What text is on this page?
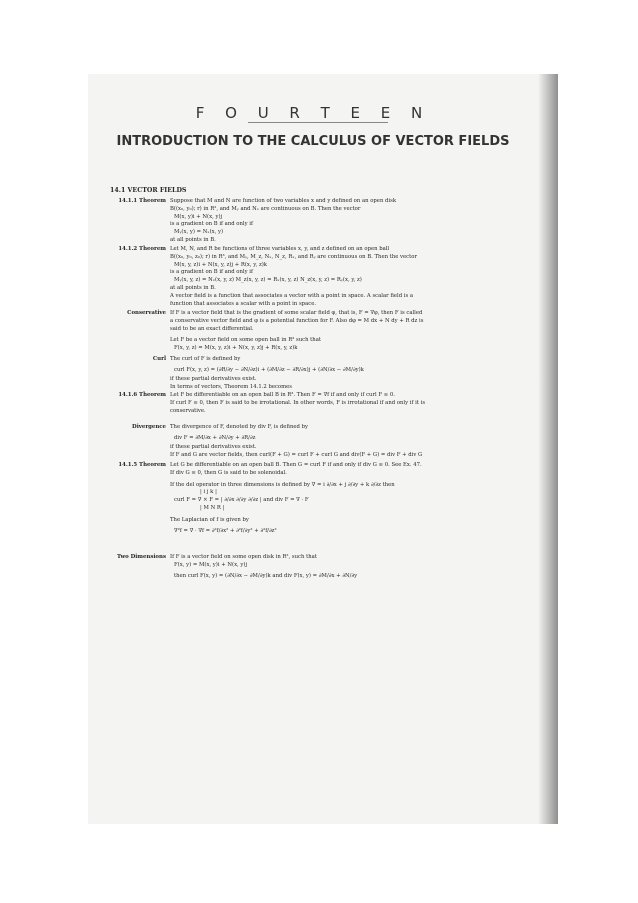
F O U R T E E N
INTRODUCTION TO THE CALCULUS OF VECTOR FIELDS
14.1 VECTOR FIELDS
14.1.1 Theorem Suppose that M and N are function of two variables x and y defined on an open disk
B((x₀, y₀); r) in R², and Mᵧ and Nₓ are continuous on B. Then the vector
M(x, y)i + N(x, y)j
is a gradient on B if and only if
Mᵧ(x, y) = Nₓ(x, y)
at all points in B.
14.1.2 Theorem Let M, N, and R be functions of three variables x, y, and z defined on an open ball
B((x₀, y₀, z₀); r) in R³, and Mᵧ, M_z, Nₓ, N_z, Rₓ, and Rᵧ are continuous on B. Then the vector
M(x, y, z)i + N(x, y, z)j + R(x, y, z)k
is a gradient on B if and only if
Mᵧ(x, y, z) = Nₓ(x, y, z) M_z(x, y, z) = Rₓ(x, y, z) N_z(x, y, z) = Rᵧ(x, y, z)
at all points in B.
A vector field is a function that associates a vector with a point in space. A scalar field is a
function that associates a scalar with a point in space.
Conservative If F is a vector field that is the gradient of some scalar field φ, that is, F = ∇φ, then F is called
a conservative vector field and φ is a potential function for F. Also dφ = M dx + N dy + R dz is
said to be an exact differential.
Let F be a vector field on some open ball in R³ such that
F(x, y, z) = M(x, y, z)i + N(x, y, z)j + R(x, y, z)k
Curl The curl of F is defined by
curl F(x, y, z) = (∂R/∂y − ∂N/∂z)i + (∂M/∂z − ∂R/∂x)j + (∂N/∂x − ∂M/∂y)k
if these partial derivatives exist.
In terms of vectors, Theorem 14.1.2 becomes
14.1.6 Theorem Let F be differentiable on an open ball B in R³. Then F = ∇f if and only if curl F ≡ 0.
If curl F ≡ 0, then F is said to be irrotational. In other words, F is irrotational if and only if it is
conservative.
Divergence The divergence of F, denoted by div F, is defined by
div F = ∂M/∂x + ∂N/∂y + ∂R/∂z
if these partial derivatives exist.
If F and G are vector fields, then curl(F + G) = curl F + curl G and div(F + G) = div F + div G
14.1.5 Theorem Let G be differentiable on an open ball B. Then G = curl F if and only if div G ≡ 0. See Ex. 47.
If div G ≡ 0, then G is said to be solenoidal.
If the del operator in three dimensions is defined by ∇ = i ∂/∂x + j ∂/∂y + k ∂/∂z then
| i j k |
curl F = ∇ × F = | ∂/∂x ∂/∂y ∂/∂z | and div F = ∇ · F
| M N R |
The Laplacian of f is given by
∇²f = ∇ · ∇f = ∂²f/∂x² + ∂²f/∂y² + ∂²f/∂z²
Two Dimensions If F is a vector field on some open disk in R², such that
F(x, y) = M(x, y)i + N(x, y)j
then curl F(x, y) = (∂N/∂x − ∂M/∂y)k and div F(x, y) = ∂M/∂x + ∂N/∂y
